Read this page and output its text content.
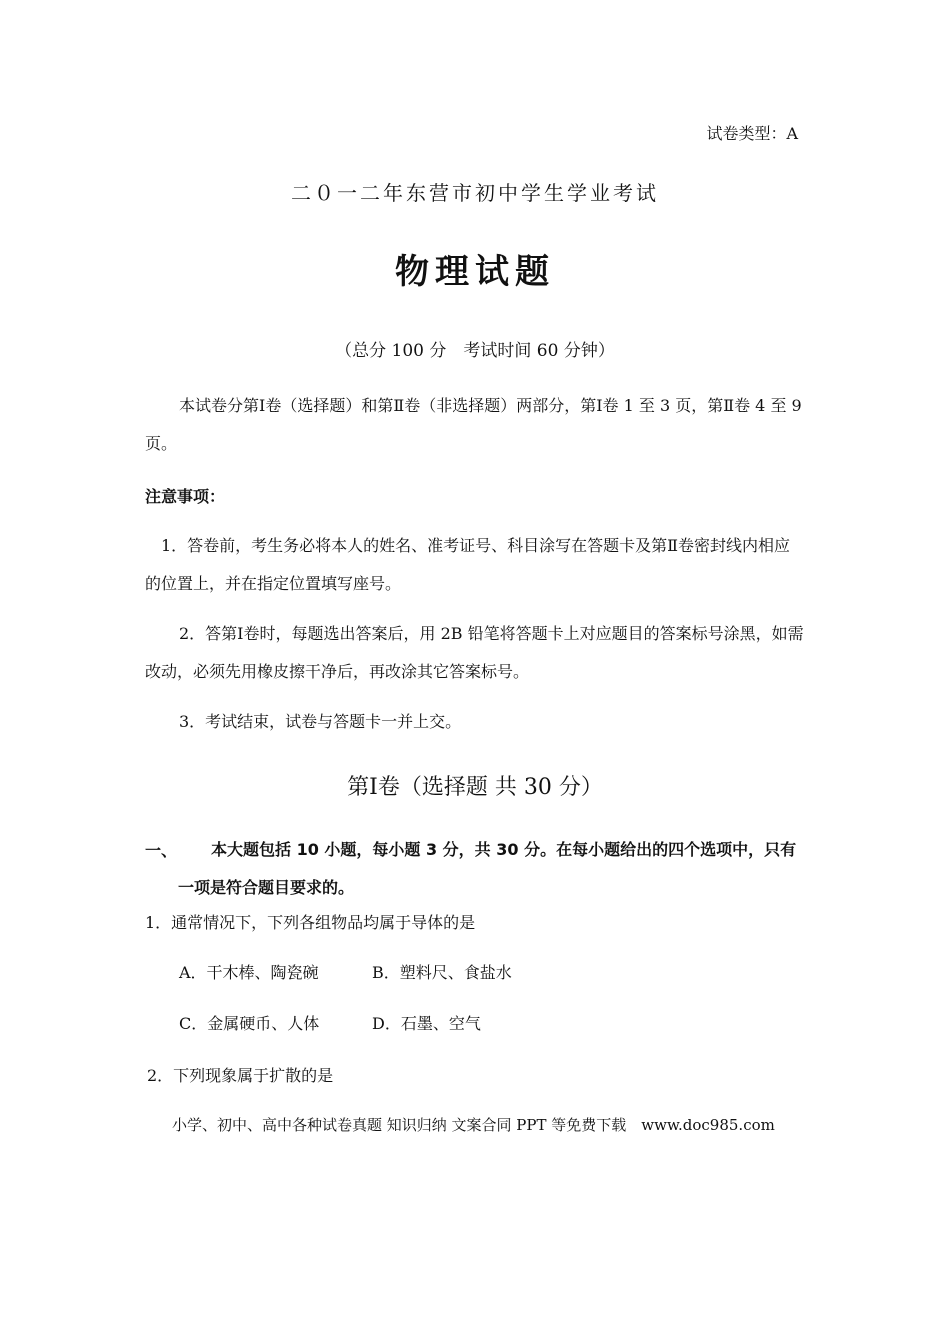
试卷类型：A
二０一二年东营市初中学生学业考试
物理试题
（总分 100 分　考试时间 60 分钟）
本试卷分第Ⅰ卷（选择题）和第Ⅱ卷（非选择题）两部分，第Ⅰ卷 1 至 3 页，第Ⅱ卷 4 至 9 页。
注意事项：
1．答卷前，考生务必将本人的姓名、准考证号、科目涂写在答题卡及第Ⅱ卷密封线内相应的位置上，并在指定位置填写座号。
2．答第Ⅰ卷时，每题选出答案后，用 2B 铅笔将答题卡上对应题目的答案标号涂黑，如需改动，必须先用橡皮擦干净后，再改涂其它答案标号。
3．考试结束，试卷与答题卡一并上交。
第Ⅰ卷（选择题 共 30 分）
一、	本大题包括 10 小题，每小题 3 分，共 30 分。在每小题给出的四个选项中，只有一项是符合题目要求的。
1．通常情况下，下列各组物品均属于导体的是
A．干木棒、陶瓷碗	B．塑料尺、食盐水
C．金属硬币、人体	D．石墨、空气
2．下列现象属于扩散的是
小学、初中、高中各种试卷真题 知识归纳 文案合同 PPT 等免费下载　www.doc985.com
